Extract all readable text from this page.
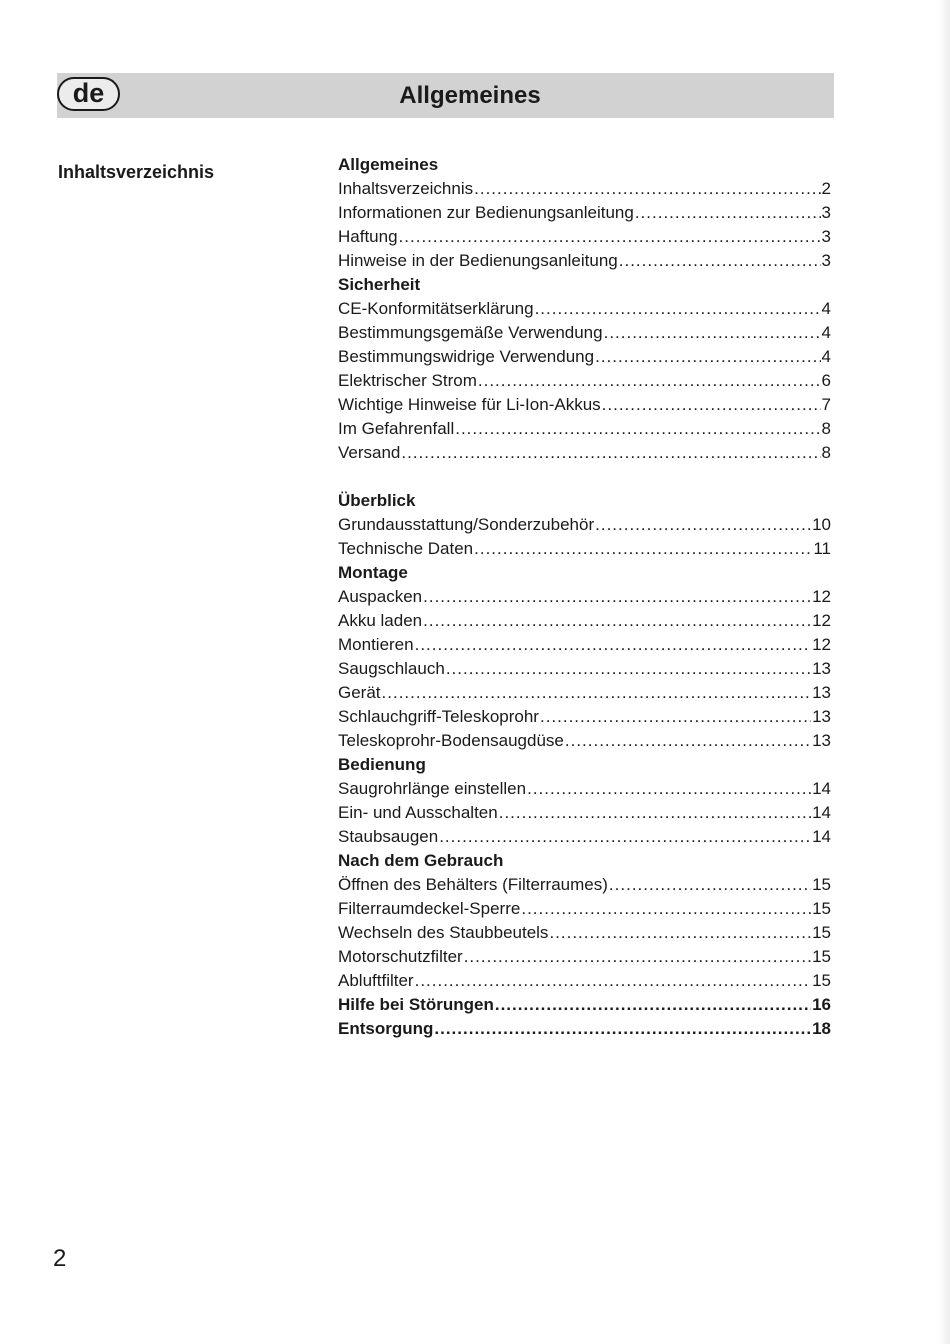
de	Allgemeines
Inhaltsverzeichnis	Allgemeines
Inhaltsverzeichnis .....	2
Informationen zur Bedienungsanleitung .....	3
Haftung .....	3
Hinweise in der Bedienungsanleitung .....	3
Sicherheit
CE-Konformitätserklärung .....	4
Bestimmungsgemäße Verwendung .....	4
Bestimmungswidrige Verwendung .....	4
Elektrischer Strom .....	6
Wichtige Hinweise für Li-Ion-Akkus .....	7
Im Gefahrenfall .....	8
Versand .....	8
Überblick
Grundausstattung/Sonderzubehör .....	10
Technische Daten .....	11
Montage
Auspacken .....	12
Akku laden .....	12
Montieren .....	12
Saugschlauch .....	13
Gerät .....	13
Schlauchgriff-Teleskoprohr .....	13
Teleskoprohr-Bodensaugdüse .....	13
Bedienung
Saugrohrlänge einstellen .....	14
Ein- und Ausschalten .....	14
Staubsaugen .....	14
Nach dem Gebrauch
Öffnen des Behälters (Filterraumes) .....	15
Filterraumdeckel-Sperre .....	15
Wechseln des Staubbeutels .....	15
Motorschutzfilter .....	15
Abluftfilter .....	15
Hilfe bei Störungen .....	16
Entsorgung .....	18
2
